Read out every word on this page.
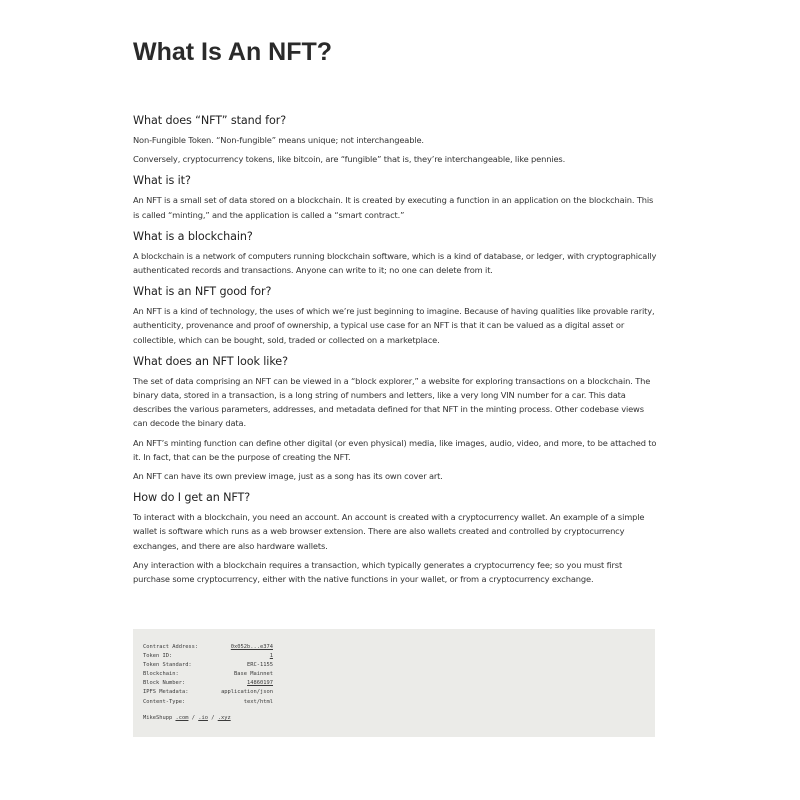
What Is An NFT?
What does “NFT” stand for?

Non-Fungible Token. “Non-fungible” means unique; not interchangeable.

Conversely, cryptocurrency tokens, like bitcoin, are “fungible” that is, they’re interchangeable, like pennies.

What is it?

An NFT is a small set of data stored on a blockchain. It is created by executing a function in an application on the blockchain. This is called “minting,” and the application is called a “smart contract.”

What is a blockchain?

A blockchain is a network of computers running blockchain software, which is a kind of database, or ledger, with cryptographically authenticated records and transactions. Anyone can write to it; no one can delete from it.

What is an NFT good for?

An NFT is a kind of technology, the uses of which we’re just beginning to imagine. Because of having qualities like provable rarity, authenticity, provenance and proof of ownership, a typical use case for an NFT is that it can be valued as a digital asset or collectible, which can be bought, sold, traded or collected on a marketplace.

What does an NFT look like?

The set of data comprising an NFT can be viewed in a “block explorer,” a website for exploring transactions on a blockchain. The binary data, stored in a transaction, is a long string of numbers and letters, like a very long VIN number for a car. This data describes the various parameters, addresses, and metadata defined for that NFT in the minting process. Other codebase views can decode the binary data.

An NFT’s minting function can define other digital (or even physical) media, like images, audio, video, and more, to be attached to it. In fact, that can be the purpose of creating the NFT.

An NFT can have its own preview image, just as a song has its own cover art.

How do I get an NFT?

To interact with a blockchain, you need an account. An account is created with a cryptocurrency wallet. An example of a simple wallet is software which runs as a web browser extension. There are also wallets created and controlled by cryptocurrency exchanges, and there are also hardware wallets.

Any interaction with a blockchain requires a transaction, which typically generates a cryptocurrency fee; so you must first purchase some cryptocurrency, either with the native functions in your wallet, or from a cryptocurrency exchange.

Contract Address:	0x052b...e374
Token ID:	1
Token Standard:	ERC-1155
Blockchain:	Base Mainnet
Block Number:	14860197
IPFS Metadata:	application/json
Content-Type:	text/html
MikeShupp .com / .io / .xyz
